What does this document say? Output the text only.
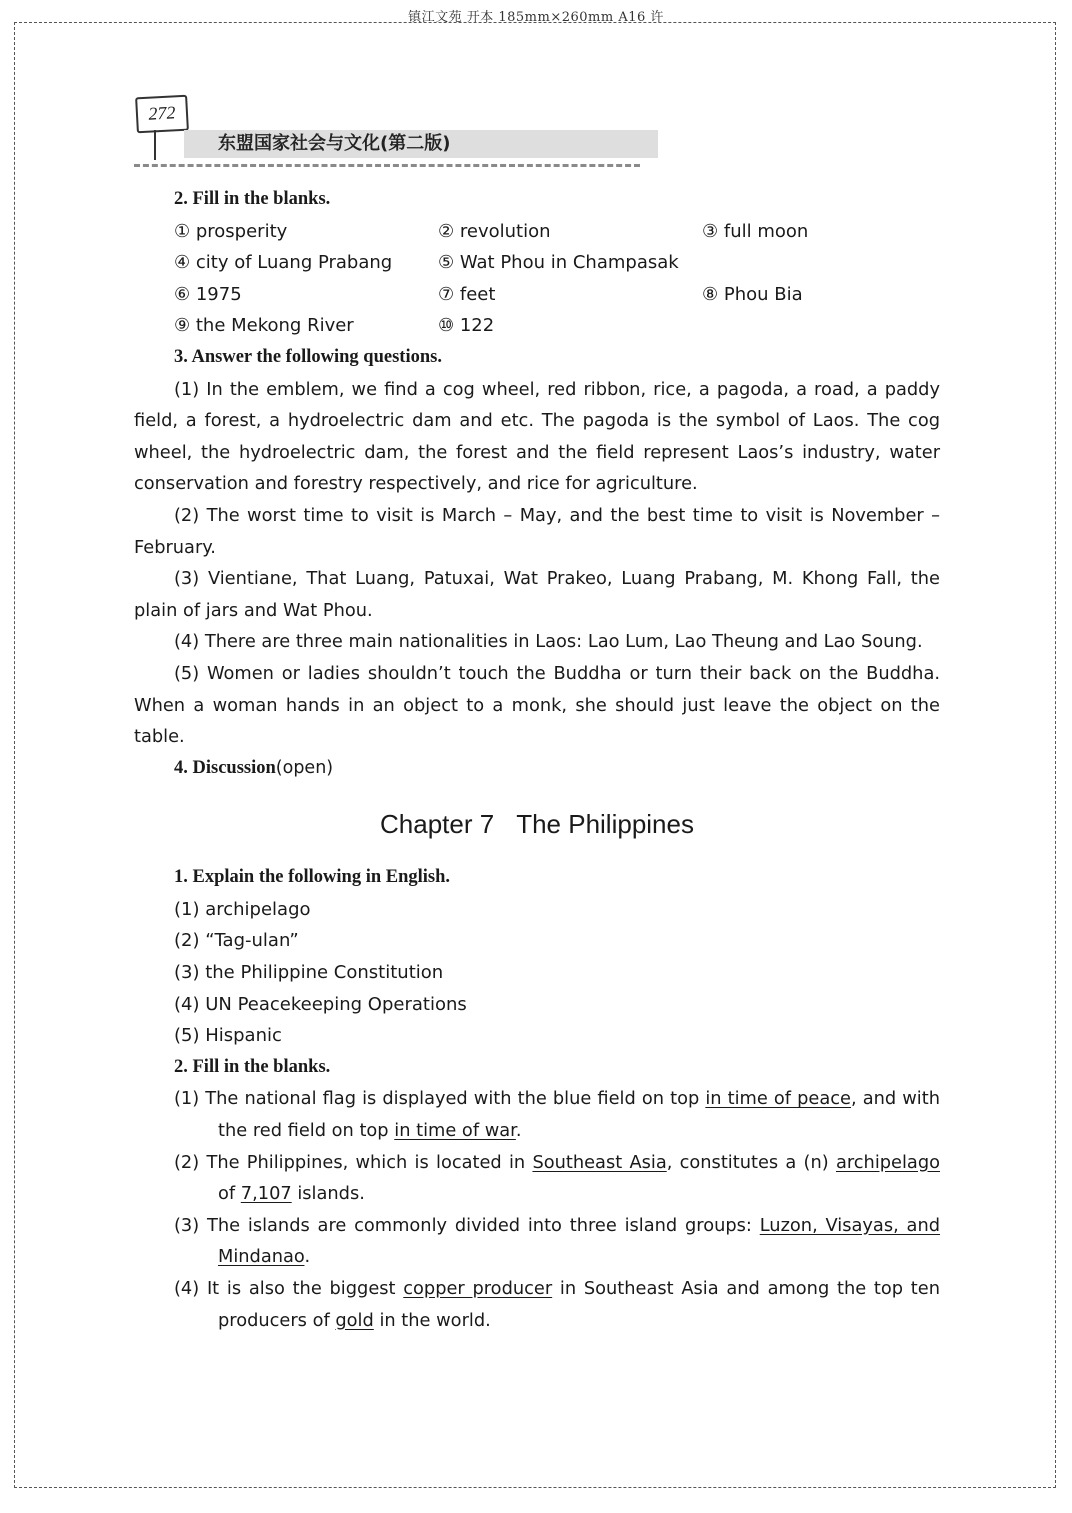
镇江文苑 开本 185mm×260mm A16 许
272
东盟国家社会与文化(第二版)

2. Fill in the blanks.

① prosperity	② revolution	③ full moon
④ city of Luang Prabang	⑤ Wat Phou in Champasak
⑥ 1975	⑦ feet	⑧ Phou Bia
⑨ the Mekong River	⑩ 122

3. Answer the following questions.

(1) In the emblem, we find a cog wheel, red ribbon, rice, a pagoda, a road, a paddy field, a forest, a hydroelectric dam and etc. The pagoda is the symbol of Laos. The cog wheel, the hydroelectric dam, the forest and the field represent Laos’s industry, water conservation and forestry respectively, and rice for agriculture.

(2) The worst time to visit is March – May, and the best time to visit is November – February.

(3) Vientiane, That Luang, Patuxai, Wat Prakeo, Luang Prabang, M. Khong Fall, the plain of jars and Wat Phou.

(4) There are three main nationalities in Laos: Lao Lum, Lao Theung and Lao Soung.

(5) Women or ladies shouldn’t touch the Buddha or turn their back on the Buddha. When a woman hands in an object to a monk, she should just leave the object on the table.

4. Discussion(open)

Chapter 7 The Philippines

1. Explain the following in English.

(1) archipelago

(2) “Tag-ulan”

(3) the Philippine Constitution

(4) UN Peacekeeping Operations

(5) Hispanic

2. Fill in the blanks.

(1) The national flag is displayed with the blue field on top in time of peace, and with the red field on top in time of war.

(2) The Philippines, which is located in Southeast Asia, constitutes a (n) archipelago of 7,107 islands.

(3) The islands are commonly divided into three island groups: Luzon, Visayas, and Mindanao.

(4) It is also the biggest copper producer in Southeast Asia and among the top ten producers of gold in the world.
